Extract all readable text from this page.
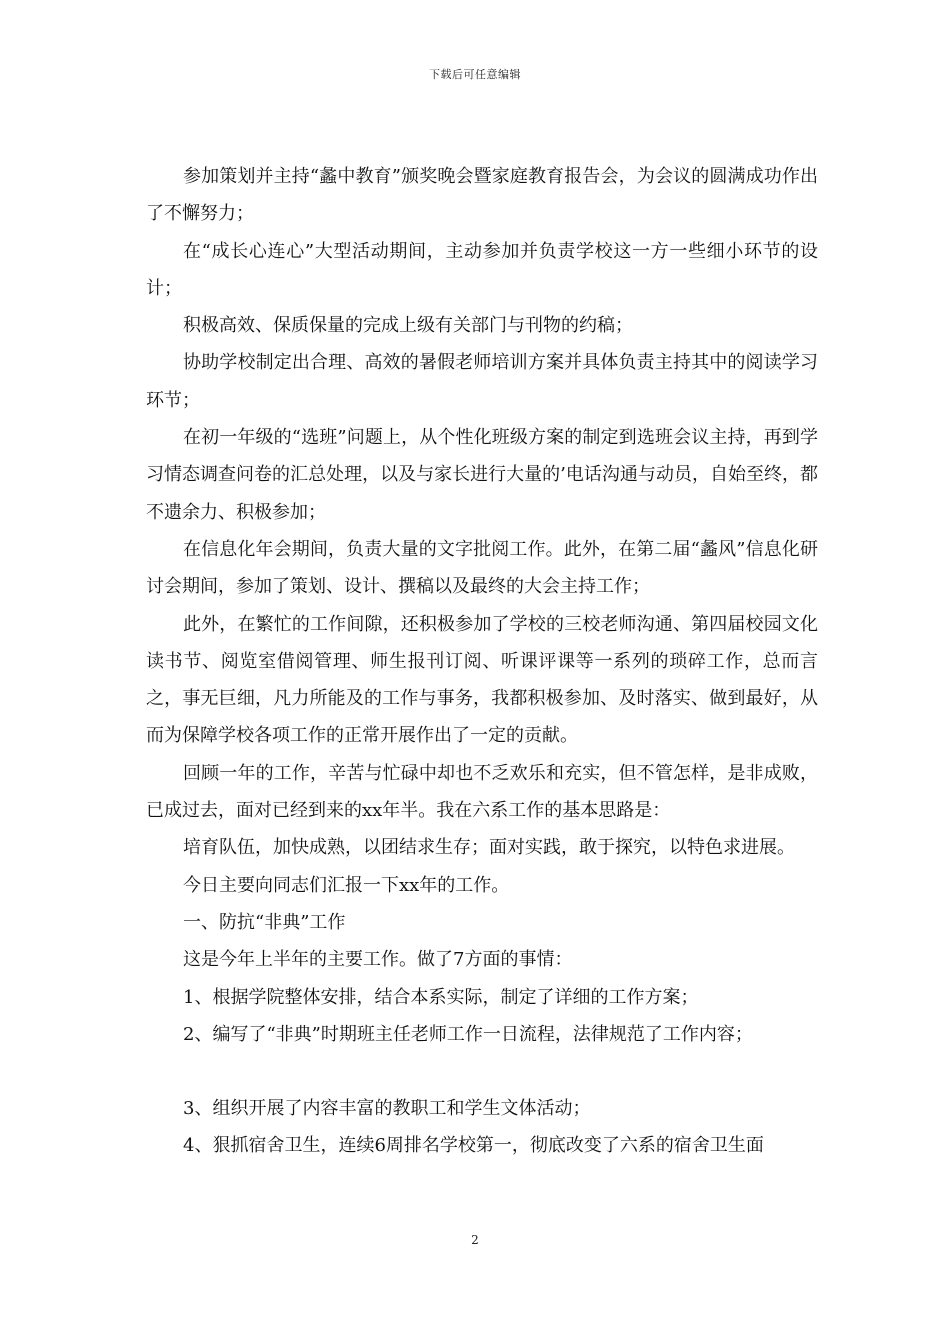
下载后可任意编辑

参加策划并主持“蠡中教育”颁奖晚会暨家庭教育报告会，为会议的圆满成功作出了不懈努力；

在“成长心连心”大型活动期间，主动参加并负责学校这一方一些细小环节的设计；

积极高效、保质保量的完成上级有关部门与刊物的约稿；

协助学校制定出合理、高效的暑假老师培训方案并具体负责主持其中的阅读学习环节；

在初一年级的“选班”问题上，从个性化班级方案的制定到选班会议主持，再到学习情态调查问卷的汇总处理，以及与家长进行大量的’电话沟通与动员，自始至终，都不遗余力、积极参加；

在信息化年会期间，负责大量的文字批阅工作。此外，在第二届“蠡风”信息化研讨会期间，参加了策划、设计、撰稿以及最终的大会主持工作；

此外，在繁忙的工作间隙，还积极参加了学校的三校老师沟通、第四届校园文化读书节、阅览室借阅管理、师生报刊订阅、听课评课等一系列的琐碎工作，总而言之，事无巨细，凡力所能及的工作与事务，我都积极参加、及时落实、做到最好，从而为保障学校各项工作的正常开展作出了一定的贡献。

回顾一年的工作，辛苦与忙碌中却也不乏欢乐和充实，但不管怎样，是非成败，已成过去，面对已经到来的xx年半。我在六系工作的基本思路是：

培育队伍，加快成熟，以团结求生存；面对实践，敢于探究，以特色求进展。

今日主要向同志们汇报一下xx年的工作。

一、防抗“非典”工作

这是今年上半年的主要工作。做了7方面的事情：

1、根据学院整体安排，结合本系实际，制定了详细的工作方案；

2、编写了“非典”时期班主任老师工作一日流程，法律规范了工作内容；

3、组织开展了内容丰富的教职工和学生文体活动；

4、狠抓宿舍卫生，连续6周排名学校第一，彻底改变了六系的宿舍卫生面

2
